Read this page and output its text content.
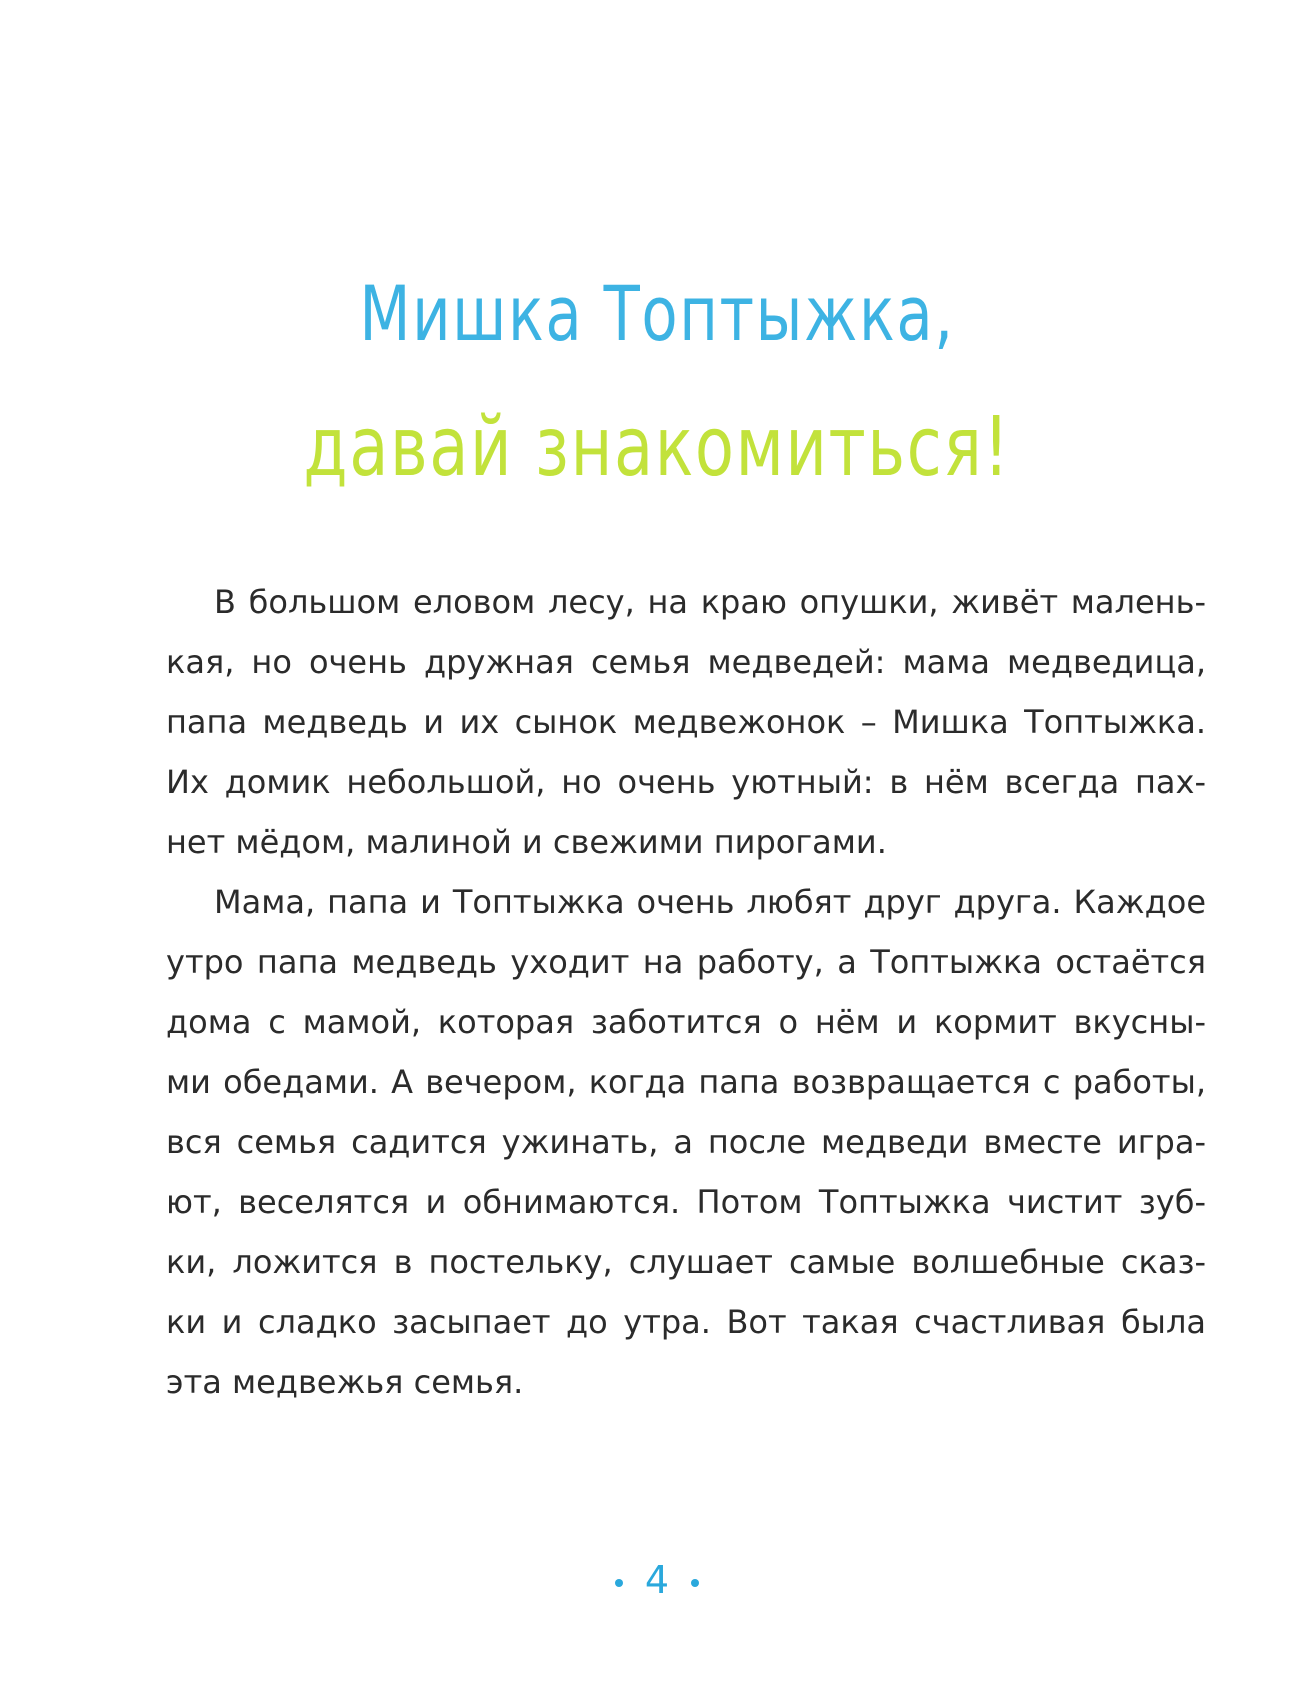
Мишка Топтыжка,
давай знакомиться!
В большом еловом лесу, на краю опушки, живёт малень-
кая, но очень дружная семья медведей: мама медведица,
папа медведь и их сынок медвежонок – Мишка Топтыжка.
Их домик небольшой, но очень уютный: в нём всегда пах-
нет мёдом, малиной и свежими пирогами.
Мама, папа и Топтыжка очень любят друг друга. Каждое
утро папа медведь уходит на работу, а Топтыжка остаётся
дома с мамой, которая заботится о нём и кормит вкусны-
ми обедами. А вечером, когда папа возвращается с работы,
вся семья садится ужинать, а после медведи вместе игра-
ют, веселятся и обнимаются. Потом Топтыжка чистит зуб-
ки, ложится в постельку, слушает самые волшебные сказ-
ки и сладко засыпает до утра. Вот такая счастливая была
эта медвежья семья.
4
